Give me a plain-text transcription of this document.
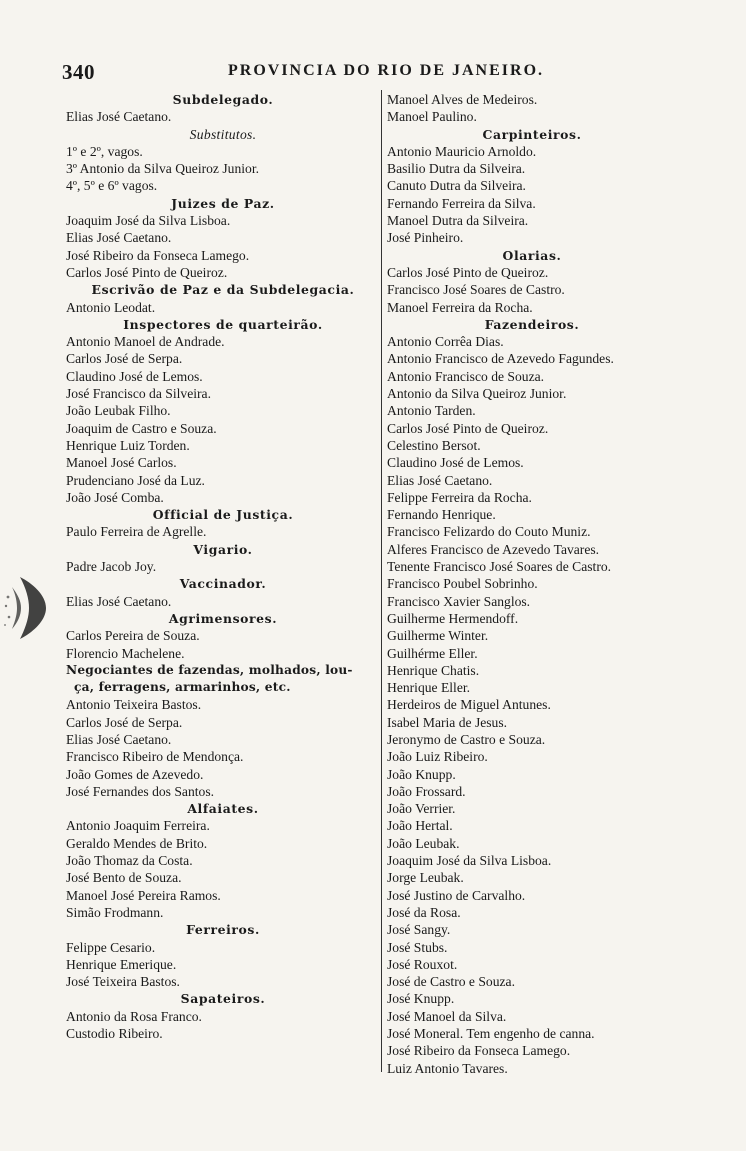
340	PROVINCIA DO RIO DE JANEIRO.
Subdelegado.
Elias José Caetano.
Substitutos.
1º e 2º, vagos.
3º Antonio da Silva Queiroz Junior.
4º, 5º e 6º vagos.
Juizes de Paz.
Joaquim José da Silva Lisboa.
Elias José Caetano.
José Ribeiro da Fonseca Lamego.
Carlos José Pinto de Queiroz.
Escrivão de Paz e da Subdelegacia.
Antonio Leodat.
Inspectores de quarteirão.
Antonio Manoel de Andrade.
Carlos José de Serpa.
Claudino José de Lemos.
José Francisco da Silveira.
João Leubak Filho.
Joaquim de Castro e Souza.
Henrique Luiz Torden.
Manoel José Carlos.
Prudenciano José da Luz.
João José Comba.
Official de Justiça.
Paulo Ferreira de Agrelle.
Vigario.
Padre Jacob Joy.
Vaccinador.
Elias José Caetano.
Agrimensores.
Carlos Pereira de Souza.
Florencio Machelene.
Negociantes de fazendas, molhados, lou-
ça, ferragens, armarinhos, etc.
Antonio Teixeira Bastos.
Carlos José de Serpa.
Elias José Caetano.
Francisco Ribeiro de Mendonça.
João Gomes de Azevedo.
José Fernandes dos Santos.
Alfaiates.
Antonio Joaquim Ferreira.
Geraldo Mendes de Brito.
João Thomaz da Costa.
José Bento de Souza.
Manoel José Pereira Ramos.
Simão Frodmann.
Ferreiros.
Felippe Cesario.
Henrique Emerique.
José Teixeira Bastos.
Sapateiros.
Antonio da Rosa Franco.
Custodio Ribeiro.
Manoel Alves de Medeiros.
Manoel Paulino.
Carpinteiros.
Antonio Mauricio Arnoldo.
Basilio Dutra da Silveira.
Canuto Dutra da Silveira.
Fernando Ferreira da Silva.
Manoel Dutra da Silveira.
José Pinheiro.
Olarias.
Carlos José Pinto de Queiroz.
Francisco José Soares de Castro.
Manoel Ferreira da Rocha.
Fazendeiros.
Antonio Corrêa Dias.
Antonio Francisco de Azevedo Fagundes.
Antonio Francisco de Souza.
Antonio da Silva Queiroz Junior.
Antonio Tarden.
Carlos José Pinto de Queiroz.
Celestino Bersot.
Claudino José de Lemos.
Elias José Caetano.
Felippe Ferreira da Rocha.
Fernando Henrique.
Francisco Felizardo do Couto Muniz.
Alferes Francisco de Azevedo Tavares.
Tenente Francisco José Soares de Castro.
Francisco Poubel Sobrinho.
Francisco Xavier Sanglos.
Guilherme Hermendoff.
Guilherme Winter.
Guilhérme Eller.
Henrique Chatis.
Henrique Eller.
Herdeiros de Miguel Antunes.
Isabel Maria de Jesus.
Jeronymo de Castro e Souza.
João Luiz Ribeiro.
João Knupp.
João Frossard.
João Verrier.
João Hertal.
João Leubak.
Joaquim José da Silva Lisboa.
Jorge Leubak.
José Justino de Carvalho.
José da Rosa.
José Sangy.
José Stubs.
José Rouxot.
José de Castro e Souza.
José Knupp.
José Manoel da Silva.
José Moneral. Tem engenho de canna.
José Ribeiro da Fonseca Lamego.
Luiz Antonio Tavares.
